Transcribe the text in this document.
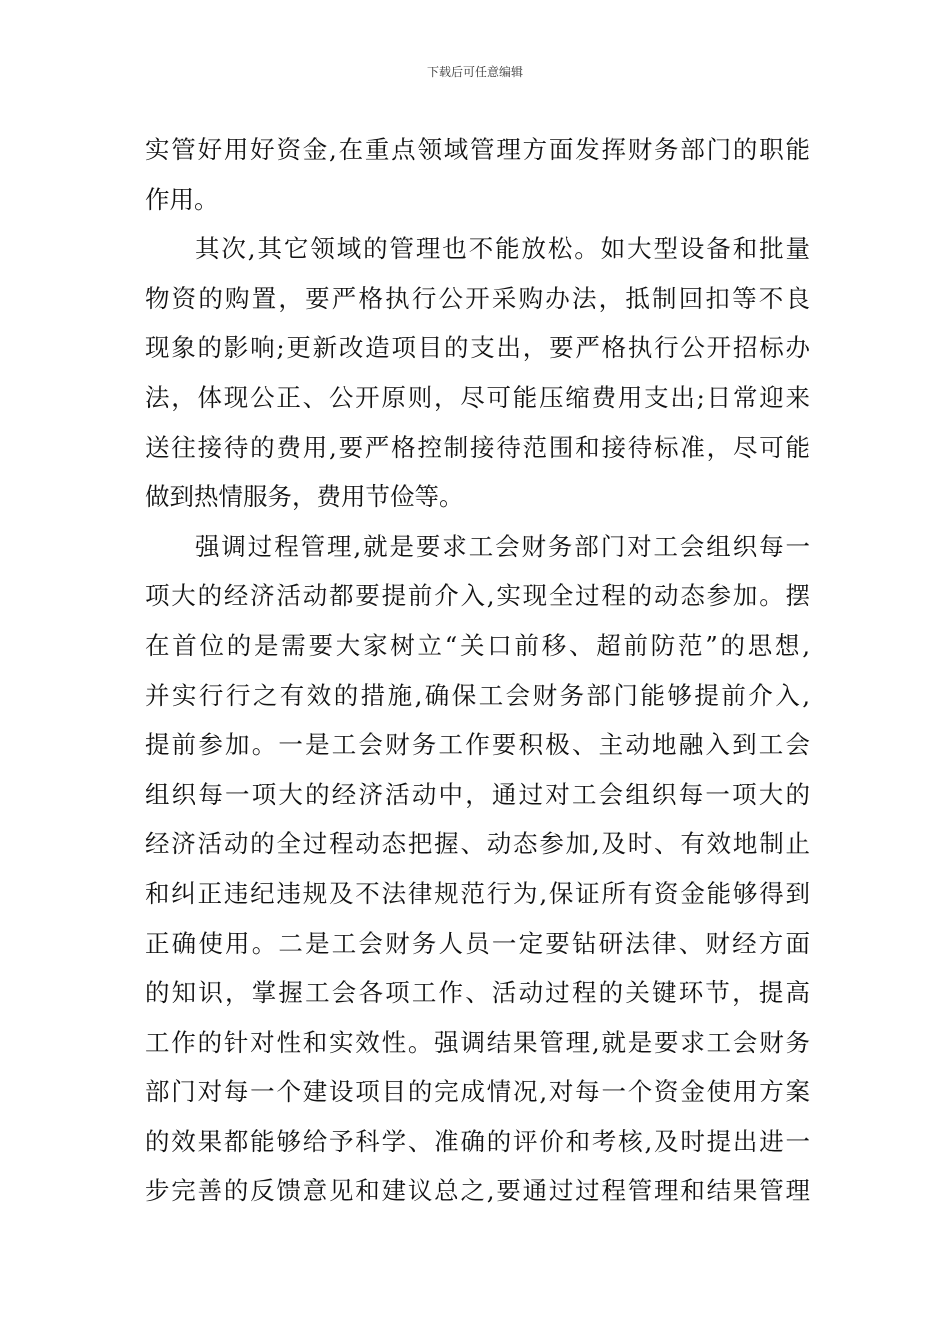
下载后可任意编辑
实管好用好资金,在重点领域管理方面发挥财务部门的职能
作用。
其次,其它领域的管理也不能放松。如大型设备和批量
物资的购置，要严格执行公开采购办法，抵制回扣等不良
现象的影响;更新改造项目的支出，要严格执行公开招标办
法，体现公正、公开原则，尽可能压缩费用支出;日常迎来
送往接待的费用,要严格控制接待范围和接待标准，尽可能
做到热情服务，费用节俭等。
强调过程管理,就是要求工会财务部门对工会组织每一
项大的经济活动都要提前介入,实现全过程的动态参加。摆
在首位的是需要大家树立“关口前移、超前防范”的思想,
并实行行之有效的措施,确保工会财务部门能够提前介入,
提前参加。一是工会财务工作要积极、主动地融入到工会
组织每一项大的经济活动中，通过对工会组织每一项大的
经济活动的全过程动态把握、动态参加,及时、有效地制止
和纠正违纪违规及不法律规范行为,保证所有资金能够得到
正确使用。二是工会财务人员一定要钻研法律、财经方面
的知识，掌握工会各项工作、活动过程的关键环节，提高
工作的针对性和实效性。强调结果管理,就是要求工会财务
部门对每一个建设项目的完成情况,对每一个资金使用方案
的效果都能够给予科学、准确的评价和考核,及时提出进一
步完善的反馈意见和建议总之,要通过过程管理和结果管理
